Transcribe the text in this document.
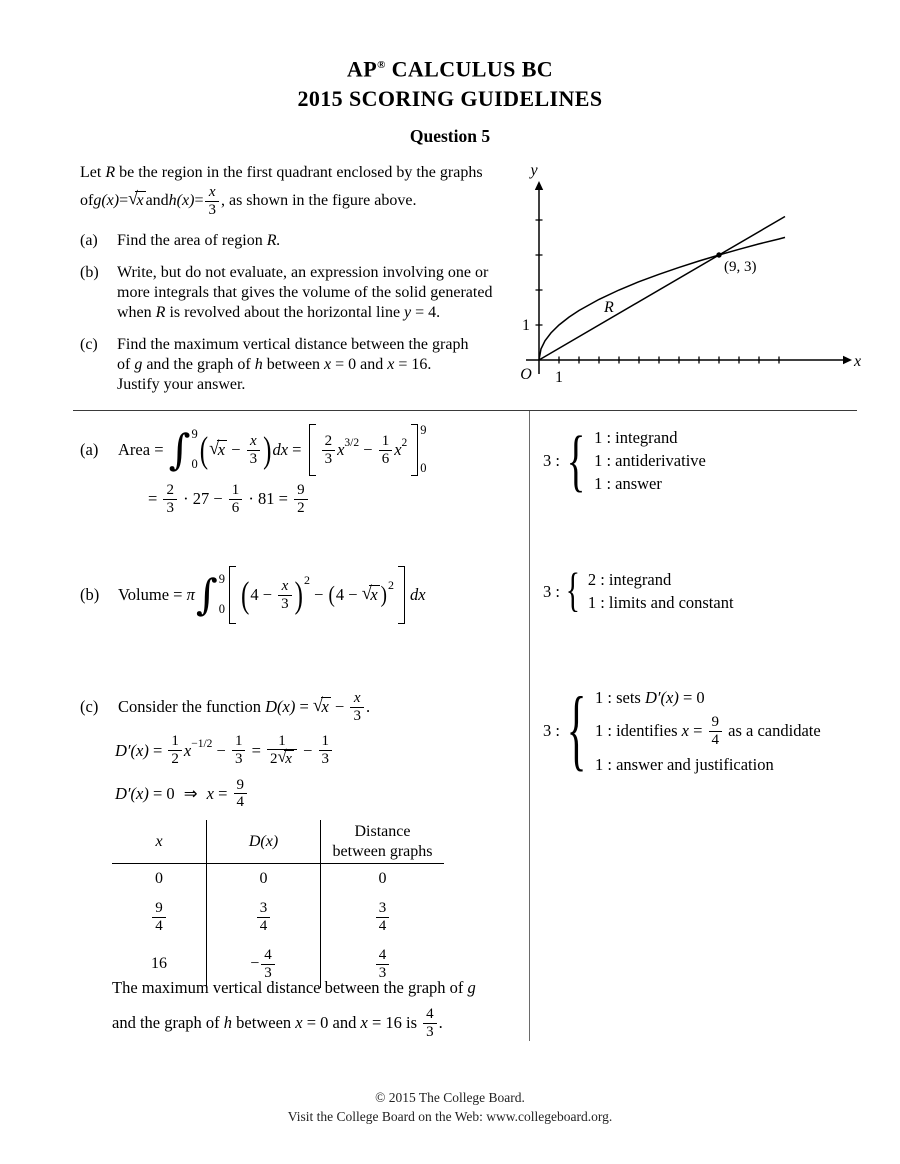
AP® CALCULUS BC
2015 SCORING GUIDELINES
Question 5
Let R be the region in the first quadrant enclosed by the graphs
of g(x) = √
x and $h(x) = \frac{x}{3}$ , as shown in the figure above.
(a)	Find the area of region R.
(b)	Write, but do not evaluate, an expression involving one or
more integrals that gives the volume of the solid generated
when R is revolved about the horizontal line y = 4.
(c)	Find the maximum vertical distance between the graph
of g and the graph of h between x = 0 and x = 16.
Justify your answer.
y
x
O 1
1
R
(9, 3)
(a)	Area = ∫ 9
0 ( √
$x - \frac{x}{3}$ ) dx = $\frac{2}{3}$ x $3/2 - \frac{1}{6}$ x 2
9
0
= $\frac{2}{3} \cdot 27 - \frac{1}{6} \cdot 81 = \frac{9}{2}$
3 : { 1 : integrand
1 : antiderivative
1 : answer
(b)	Volume = π ∫ 9
0 ( $4 - \frac{x}{3}$ ) 2
− ( 4 − √
x ) 2
dx	3 : { 2 : integrand
1 : limits and constant
(c)	Consider the function D(x) = √
$x - \frac{x}{3}$ .
$D'(x) = \frac{1}{2}$ $x -1/2 - \frac{1}{3} = 1$
2 √
$x - \frac{1}{3}$
D′(x) = 0 ⇒ $x = \frac{9}{4}$
3 : { 1 : sets D′(x) = 0
1 : identifies $x = \frac{9}{4}$ as a candidate
1 : answer and justification
x	D(x)
Distance
between graphs
0	0	0
$\frac{9}{4}$	$\frac{3}{4}$	$\frac{3}{4}$
16	− $\frac{4}{3}$	$\frac{4}{3}$
The maximum vertical distance between the graph of g
and the graph of h between x = 0 and x = 16 is $\frac{4}{3}$ .
© 2015 The College Board.
Visit the College Board on the Web: www.collegeboard.org.
